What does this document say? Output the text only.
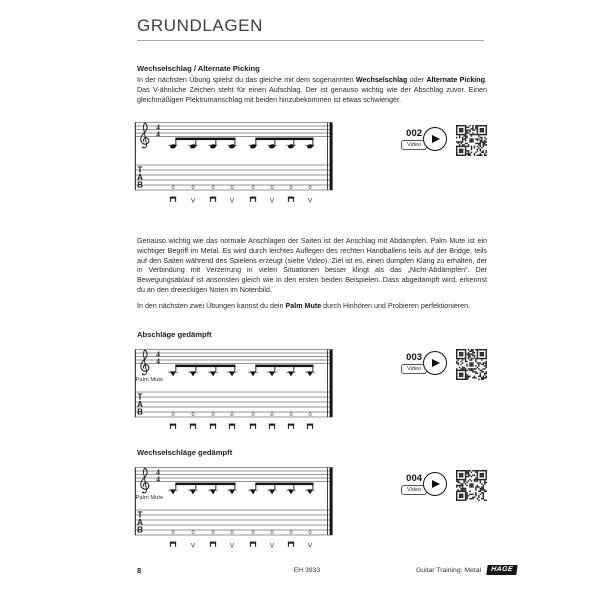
GRUNDLAGEN
Wechselschlag / Alternate Picking

In der nächsten Übung spielst du das gleiche mit dem sogenannten Wechselschlag oder Alternate Picking. Das V-ähnliche Zeichen steht für einen Aufschlag. Der ist genauso wichtig wie der Abschlag zuvor. Einen gleichmäßigen Plektrumanschlag mit beiden hinzubekommen ist etwas schwieriger.

4
4
T
A
B	0	0	0	0	0	0	0	0
V	V	V	V
002
Video

Genauso wichtig wie das normale Anschlagen der Saiten ist der Anschlag mit Abdämpfen. Palm Mute ist ein wichtiger Begriff im Metal. Es wird durch leichtes Auflegen des rechten Handballens teils auf der Bridge, teils auf den Saiten während des Spielens erzeugt (siehe Video). Ziel ist es, einen dumpfen Klang zu erhalten, der in Verbindung mit Verzerrung in vielen Situationen besser klingt als das „Nicht-Abdämpfen“. Der Bewegungsablauf ist ansonsten gleich wie in den ersten beiden Beispielen. Dass abgedämpft wird, erkennst du an den dreieckigen Noten im Notenbild.

In den nächsten zwei Übungen kannst du dein Palm Mute durch Hinhören und Probieren perfektionieren.

Abschläge gedämpft
4
4
Palm Mute
T
A
B	0	0	0	0	0	0	0	0
003
Video
Wechselschläge gedämpft
4
4
Palm Mute
T
A
B	0	0	0	0	0	0	0	0
V	V	V	V
004
Video
8	EH 3933	Guitar Training: Metal	HAGE
